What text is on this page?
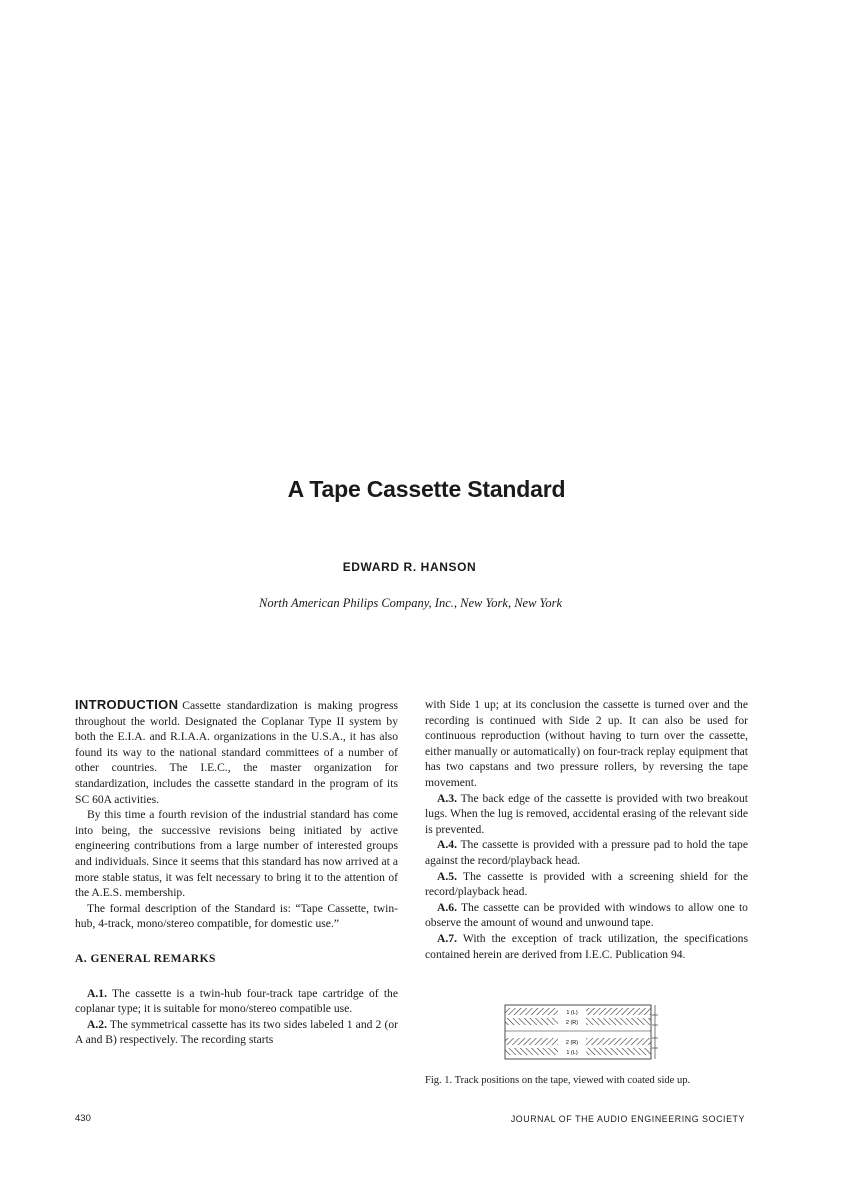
A Tape Cassette Standard
EDWARD R. HANSON
North American Philips Company, Inc., New York, New York

INTRODUCTION Cassette standardization is making progress throughout the world. Designated the Coplanar Type II system by both the E.I.A. and R.I.A.A. organizations in the U.S.A., it has also found its way to the national standard committees of a number of other countries. The I.E.C., the master organization for standardization, includes the cassette standard in the program of its SC 60A activities.

By this time a fourth revision of the industrial standard has come into being, the successive revisions being initiated by active engineering contributions from a large number of interested groups and individuals. Since it seems that this standard has now arrived at a more stable status, it was felt necessary to bring it to the attention of the A.E.S. membership.

The formal description of the Standard is: “Tape Cassette, twin-hub, 4-track, mono/stereo compatible, for domestic use.”

A. GENERAL REMARKS

A.1. The cassette is a twin-hub four-track tape cartridge of the coplanar type; it is suitable for mono/stereo compatible use.

A.2. The symmetrical cassette has its two sides labeled 1 and 2 (or A and B) respectively. The recording starts

with Side 1 up; at its conclusion the cassette is turned over and the recording is continued with Side 2 up. It can also be used for continuous reproduction (without having to turn over the cassette, either manually or automatically) on four-track replay equipment that has two capstans and two pressure rollers, by reversing the tape movement.

A.3. The back edge of the cassette is provided with two breakout lugs. When the lug is removed, accidental erasing of the relevant side is prevented.

A.4. The cassette is provided with a pressure pad to hold the tape against the record/playback head.

A.5. The cassette is provided with a screening shield for the record/playback head.

A.6. The cassette can be provided with windows to allow one to observe the amount of wound and unwound tape.

A.7. With the exception of track utilization, the specifications contained herein are derived from I.E.C. Publication 94.

1 (L)
2 (R)
2 (R)
1 (L)
Fig. 1. Track positions on the tape, viewed with coated side up.
430	JOURNAL OF THE AUDIO ENGINEERING SOCIETY
